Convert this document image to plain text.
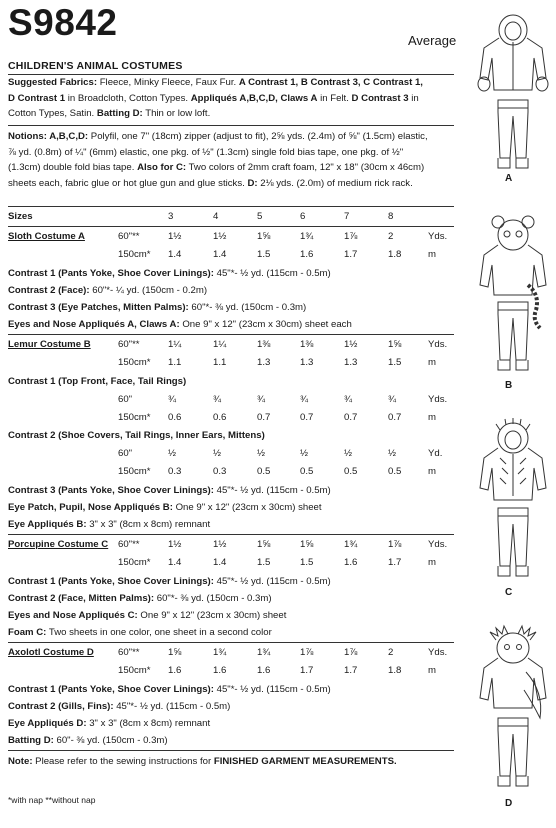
S9842	Average
CHILDREN'S ANIMAL COSTUMES
Suggested Fabrics: Fleece, Minky Fleece, Faux Fur. A Contrast 1, B Contrast 3, C Contrast 1,
D Contrast 1 in Broadcloth, Cotton Types. Appliqués A,B,C,D, Claws A in Felt. D Contrast 3 in
Cotton Types, Satin. Batting D: Thin or low loft.
Notions: A,B,C,D: Polyfil, one 7" (18cm) zipper (adjust to fit), 2⅝ yds. (2.4m) of ⅝" (1.5cm) elastic,
⅞ yd. (0.8m) of ¼" (6mm) elastic, one pkg. of ½" (1.3cm) single fold bias tape, one pkg. of ½"
(1.3cm) double fold bias tape. Also for C: Two colors of 2mm craft foam, 12" x 18" (30cm x 46cm)
sheets each, fabric glue or hot glue gun and glue sticks. D: 2⅛ yds. (2.0m) of medium rick rack.
Sizes	3	4	5	6	7	8
Sloth Costume A	60"**	1½	1½	1⅝	1¾	1⅞	2	Yds.
150cm* 1.4	1.4	1.5	1.6	1.7	1.8	m
Contrast 1 (Pants Yoke, Shoe Cover Linings): 45"*- ½ yd. (115cm - 0.5m)
Contrast 2 (Face): 60"*- ¼ yd. (150cm - 0.2m)
Contrast 3 (Eye Patches, Mitten Palms): 60"*- ⅜ yd. (150cm - 0.3m)
Eyes and Nose Appliqués A, Claws A: One 9" x 12" (23cm x 30cm) sheet each
Lemur Costume B	60"**	1¼	1¼	1⅜	1⅜	1½	1⅝	Yds.
150cm* 1.1	1.1	1.3	1.3	1.3	1.5	m
Contrast 1 (Top Front, Face, Tail Rings)
60"	¾	¾	¾	¾	¾	¾	Yds.
150cm* 0.6	0.6	0.7	0.7	0.7	0.7	m
Contrast 2 (Shoe Covers, Tail Rings, Inner Ears, Mittens)
60"	½	½	½	½	½	½	Yd.
150cm* 0.3	0.3	0.5	0.5	0.5	0.5	m
Contrast 3 (Pants Yoke, Shoe Cover Linings): 45"*- ½ yd. (115cm - 0.5m)
Eye Patch, Pupil, Nose Appliqués B: One 9" x 12" (23cm x 30cm) sheet
Eye Appliqués B: 3" x 3" (8cm x 8cm) remnant
Porcupine Costume C 60"**	1½	1½	1⅝	1⅝	1¾	1⅞	Yds.
150cm* 1.4	1.4	1.5	1.5	1.6	1.7	m
Contrast 1 (Pants Yoke, Shoe Cover Linings): 45"*- ½ yd. (115cm - 0.5m)
Contrast 2 (Face, Mitten Palms): 60"*- ⅜ yd. (150cm - 0.3m)
Eyes and Nose Appliqués C: One 9" x 12" (23cm x 30cm) sheet
Foam C: Two sheets in one color, one sheet in a second color
Axolotl Costume D	60"**	1⅝	1¾	1¾	1⅞	1⅞	2	Yds.
150cm* 1.6	1.6	1.6	1.7	1.7	1.8	m
Contrast 1 (Pants Yoke, Shoe Cover Linings): 45"*- ½ yd. (115cm - 0.5m)
Contrast 2 (Gills, Fins): 45"*- ½ yd. (115cm - 0.5m)
Eye Appliqués D: 3" x 3" (8cm x 8cm) remnant
Batting D: 60"- ⅜ yd. (150cm - 0.3m)
Note: Please refer to the sewing instructions for FINISHED GARMENT MEASUREMENTS.
*with nap **without nap
A
B
C
D
